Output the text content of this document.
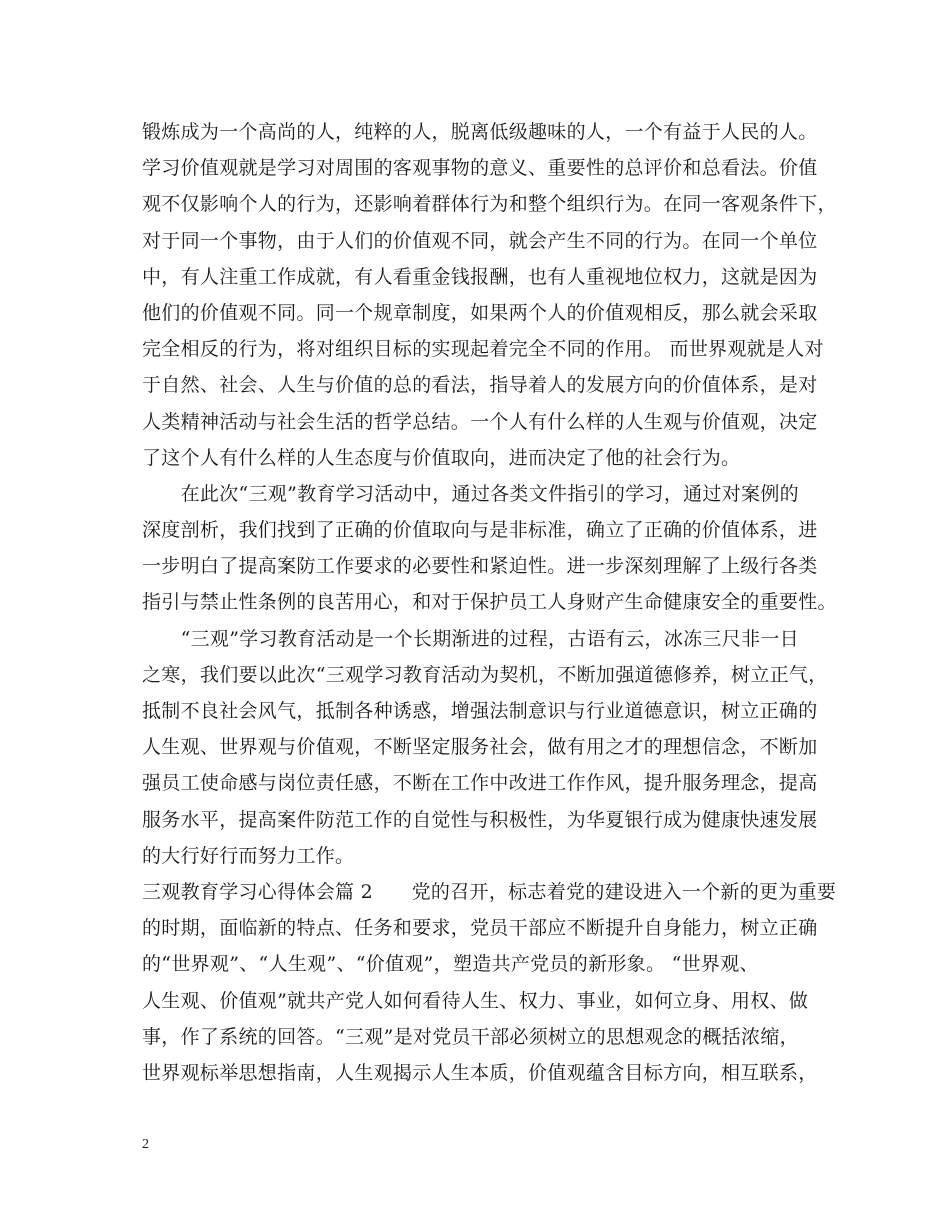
锻炼成为一个高尚的人，纯粹的人，脱离低级趣味的人，一个有益于人民的人。
学习价值观就是学习对周围的客观事物的意义、重要性的总评价和总看法。价值
观不仅影响个人的行为，还影响着群体行为和整个组织行为。在同一客观条件下，
对于同一个事物，由于人们的价值观不同，就会产生不同的行为。在同一个单位
中，有人注重工作成就，有人看重金钱报酬，也有人重视地位权力，这就是因为
他们的价值观不同。同一个规章制度，如果两个人的价值观相反，那么就会采取
完全相反的行为，将对组织目标的实现起着完全不同的作用。 而世界观就是人对
于自然、社会、人生与价值的总的看法，指导着人的发展方向的价值体系，是对
人类精神活动与社会生活的哲学总结。一个人有什么样的人生观与价值观，决定
了这个人有什么样的人生态度与价值取向，进而决定了他的社会行为。
　　在此次“三观”教育学习活动中，通过各类文件指引的学习，通过对案例的
深度剖析，我们找到了正确的价值取向与是非标准，确立了正确的价值体系，进
一步明白了提高案防工作要求的必要性和紧迫性。进一步深刻理解了上级行各类
指引与禁止性条例的良苦用心，和对于保护员工人身财产生命健康安全的重要性。
　　“三观”学习教育活动是一个长期渐进的过程，古语有云，冰冻三尺非一日
之寒，我们要以此次“三观学习教育活动为契机，不断加强道德修养，树立正气，
抵制不良社会风气，抵制各种诱惑，增强法制意识与行业道德意识，树立正确的
人生观、世界观与价值观，不断坚定服务社会，做有用之才的理想信念，不断加
强员工使命感与岗位责任感，不断在工作中改进工作作风，提升服务理念，提高
服务水平，提高案件防范工作的自觉性与积极性，为华夏银行成为健康快速发展
的大行好行而努力工作。
三观教育学习心得体会篇 2　　党的召开，标志着党的建设进入一个新的更为重要
的时期，面临新的特点、任务和要求，党员干部应不断提升自身能力，树立正确
的“世界观”、“人生观”、“价值观”，塑造共产党员的新形象。 “世界观、
人生观、价值观”就共产党人如何看待人生、权力、事业，如何立身、用权、做
事，作了系统的回答。“三观”是对党员干部必须树立的思想观念的概括浓缩，
世界观标举思想指南，人生观揭示人生本质，价值观蕴含目标方向，相互联系，
2
